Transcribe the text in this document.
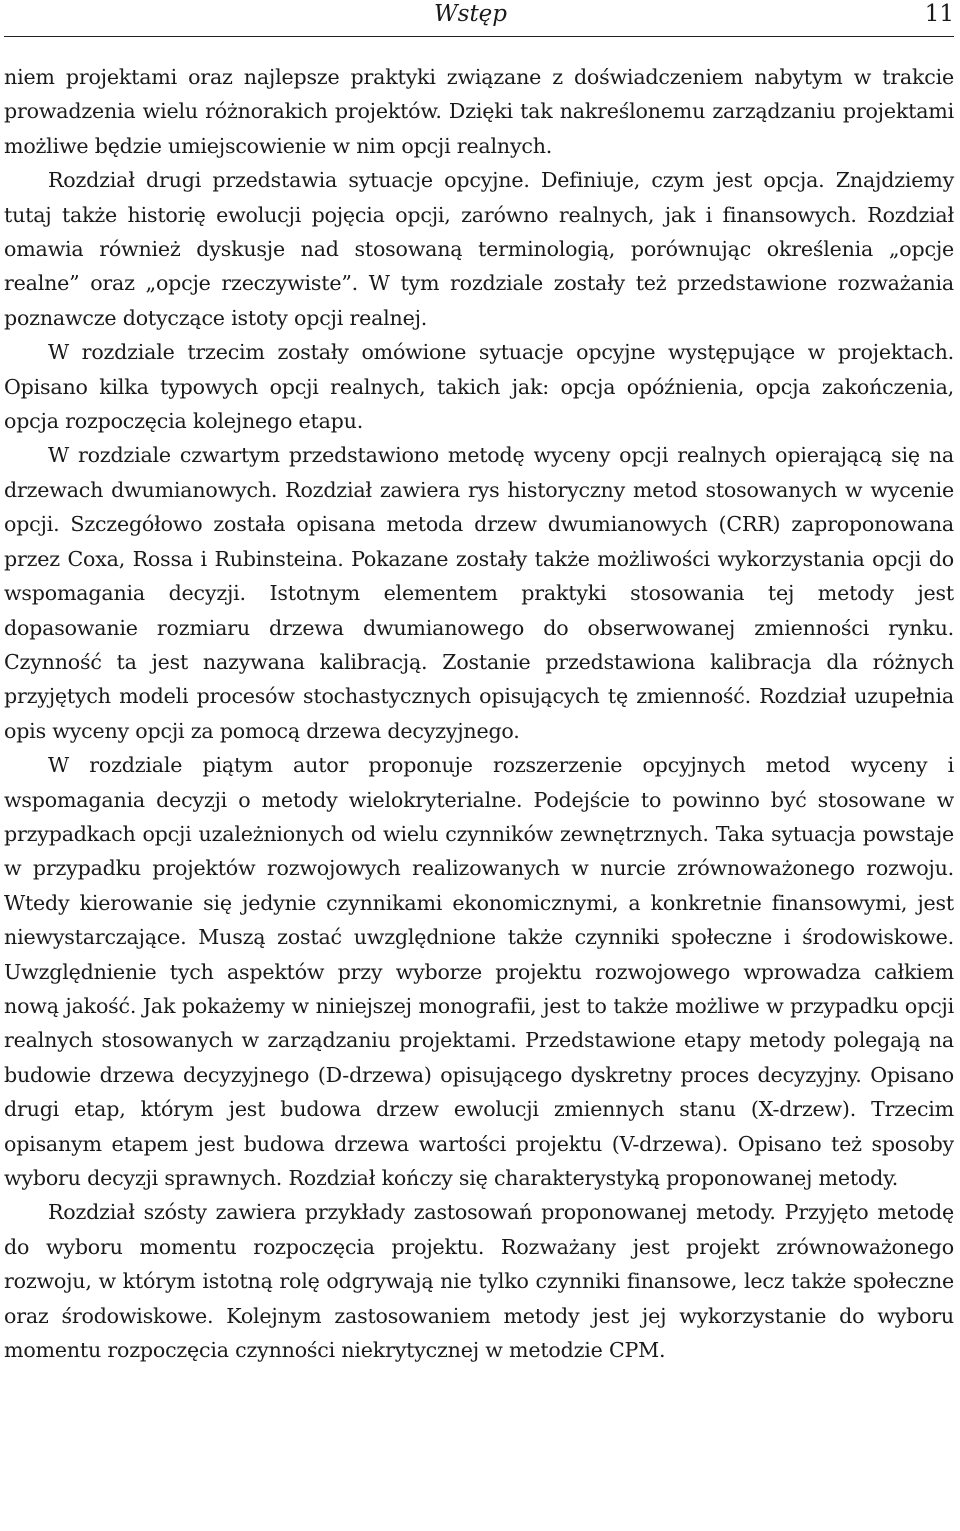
Wstęp	11

niem projektami oraz najlepsze praktyki związane z doświadczeniem nabytym w trakcie prowadzenia wielu różnorakich projektów. Dzięki tak nakreślonemu zarządzaniu projektami możliwe będzie umiejscowienie w nim opcji realnych.

Rozdział drugi przedstawia sytuacje opcyjne. Definiuje, czym jest opcja. Znajdziemy tutaj także historię ewolucji pojęcia opcji, zarówno realnych, jak i finansowych. Rozdział omawia również dyskusje nad stosowaną terminologią, porównując określenia „opcje realne” oraz „opcje rzeczywiste”. W tym rozdziale zostały też przedstawione rozważania poznawcze dotyczące istoty opcji realnej.

W rozdziale trzecim zostały omówione sytuacje opcyjne występujące w projektach. Opisano kilka typowych opcji realnych, takich jak: opcja opóźnienia, opcja zakończenia, opcja rozpoczęcia kolejnego etapu.

W rozdziale czwartym przedstawiono metodę wyceny opcji realnych opierającą się na drzewach dwumianowych. Rozdział zawiera rys historyczny metod stosowanych w wycenie opcji. Szczegółowo została opisana metoda drzew dwumianowych (CRR) zaproponowana przez Coxa, Rossa i Rubinsteina. Pokazane zostały także możliwości wykorzystania opcji do wspomagania decyzji. Istotnym elementem praktyki stosowania tej metody jest dopasowanie rozmiaru drzewa dwumianowego do obserwowanej zmienności rynku. Czynność ta jest nazywana kalibracją. Zostanie przedstawiona kalibracja dla różnych przyjętych modeli procesów stochastycznych opisujących tę zmienność. Rozdział uzupełnia opis wyceny opcji za pomocą drzewa decyzyjnego.

W rozdziale piątym autor proponuje rozszerzenie opcyjnych metod wyceny i wspomagania decyzji o metody wielokryterialne. Podejście to powinno być stosowane w przypadkach opcji uzależnionych od wielu czynników zewnętrznych. Taka sytuacja powstaje w przypadku projektów rozwojowych realizowanych w nurcie zrównoważonego rozwoju. Wtedy kierowanie się jedynie czynnikami ekonomicznymi, a konkretnie finansowymi, jest niewystarczające. Muszą zostać uwzględnione także czynniki społeczne i środowiskowe. Uwzględnienie tych aspektów przy wyborze projektu rozwojowego wprowadza całkiem nową jakość. Jak pokażemy w niniejszej monografii, jest to także możliwe w przypadku opcji realnych stosowanych w zarządzaniu projektami. Przedstawione etapy metody polegają na budowie drzewa decyzyjnego (D-drzewa) opisującego dyskretny proces decyzyjny. Opisano drugi etap, którym jest budowa drzew ewolucji zmiennych stanu (X-drzew). Trzecim opisanym etapem jest budowa drzewa wartości projektu (V-drzewa). Opisano też sposoby wyboru decyzji sprawnych. Rozdział kończy się charakterystyką proponowanej metody.

Rozdział szósty zawiera przykłady zastosowań proponowanej metody. Przyjęto metodę do wyboru momentu rozpoczęcia projektu. Rozważany jest projekt zrównoważonego rozwoju, w którym istotną rolę odgrywają nie tylko czynniki finansowe, lecz także społeczne oraz środowiskowe. Kolejnym zastosowaniem metody jest jej wykorzystanie do wyboru momentu rozpoczęcia czynności niekrytycznej w metodzie CPM.
